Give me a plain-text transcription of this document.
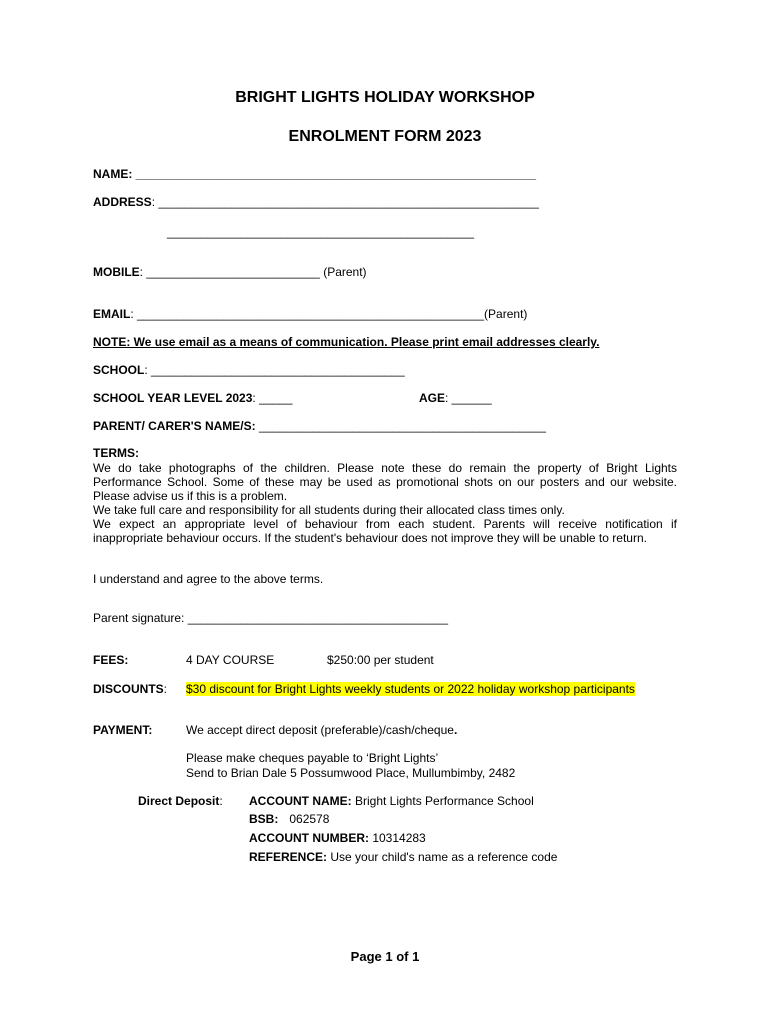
BRIGHT LIGHTS HOLIDAY WORKSHOP
ENROLMENT FORM 2023
NAME: ____________________________________________________________
ADDRESS: _________________________________________________________
______________________________________________
MOBILE: __________________________ (Parent)
EMAIL: ____________________________________________________(Parent)
NOTE: We use email as a means of communication. Please print email addresses clearly.
SCHOOL: ______________________________________
SCHOOL YEAR LEVEL 2023: _____	AGE: ______
PARENT/ CARER'S NAME/S: ___________________________________________
TERMS:

We do take photographs of the children. Please note these do remain the property of Bright Lights Performance School. Some of these may be used as promotional shots on our posters and our website. Please advise us if this is a problem.

We take full care and responsibility for all students during their allocated class times only.

We expect an appropriate level of behaviour from each student. Parents will receive notification if inappropriate behaviour occurs. If the student's behaviour does not improve they will be unable to return.

I understand and agree to the above terms.
Parent signature: _______________________________________
FEES:	4 DAY COURSE	$250:00 per student
DISCOUNTS: $30 discount for Bright Lights weekly students or 2022 holiday workshop participants
PAYMENT:	We accept direct deposit (preferable)/cash/cheque.
Please make cheques payable to ‘Bright Lights’
Send to Brian Dale 5 Possumwood Place, Mullumbimby, 2482
Direct Deposit: ACCOUNT NAME: Bright Lights Performance School
BSB: 062578
ACCOUNT NUMBER: 10314283
REFERENCE: Use your child's name as a reference code
Page 1 of 1
